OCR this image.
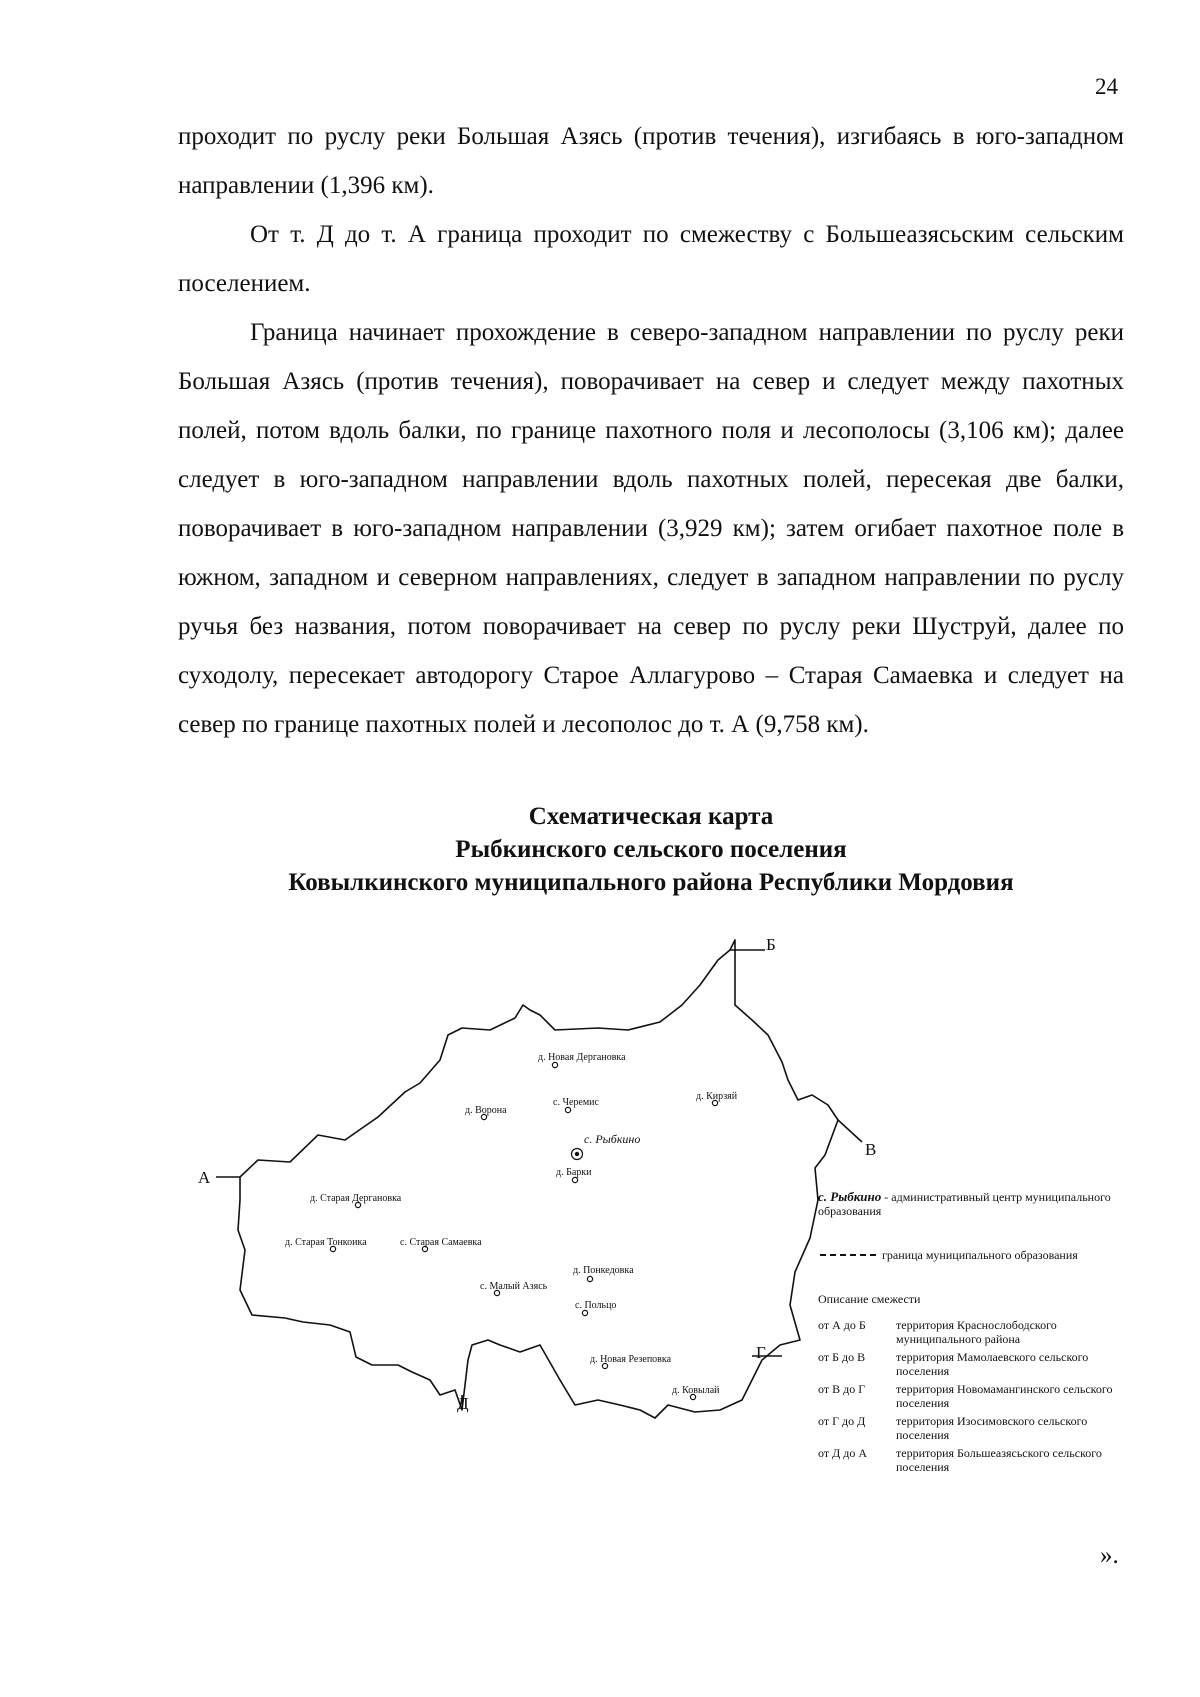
24

проходит по руслу реки Большая Азясь (против течения), изгибаясь в юго-западном направлении (1,396 км).

От т. Д до т. А граница проходит по смежеству с Большеазясьским сельским поселением.

Граница начинает прохождение в северо-западном направлении по руслу реки Большая Азясь (против течения), поворачивает на север и следует между пахотных полей, потом вдоль балки, по границе пахотного поля и лесополосы (3,106 км); далее следует в юго-западном направлении вдоль пахотных полей, пересекая две балки, поворачивает в юго-западном направлении (3,929 км); затем огибает пахотное поле в южном, западном и северном направлениях, следует в западном направлении по руслу ручья без названия, потом поворачивает на север по руслу реки Шуструй, далее по суходолу, пересекает автодорогу Старое Аллагурово – Старая Самаевка и следует на север по границе пахотных полей и лесополос до т. А (9,758 км).

Схематическая карта
Рыбкинского сельского поселения
Ковылкинского муниципального района Республики Мордовия
А
Б
В
Г
Д
д. Новая Дергановка
с. Черемис
д. Кирзяй
д. Ворона
с. Рыбкино
д. Барки
д. Старая Дергановка
д. Старая Тонкоика	с. Старая Самаевка
д. Понкедовка
с. Малый Азясь
с. Польцо
д. Новая Резеповка
д. Ковылай
с. Рыбкино - административный центр муниципального образования
граница муниципального образования
Описание смежести
от А до Б	территория Краснослободского муниципального района
от Б до В	территория Мамолаевского сельского поселения
от В до Г	территория Новомамангинского сельского поселения
от Г до Д	территория Изосимовского сельского поселения
от Д до А	территория Большеазясьского сельского поселения
».
